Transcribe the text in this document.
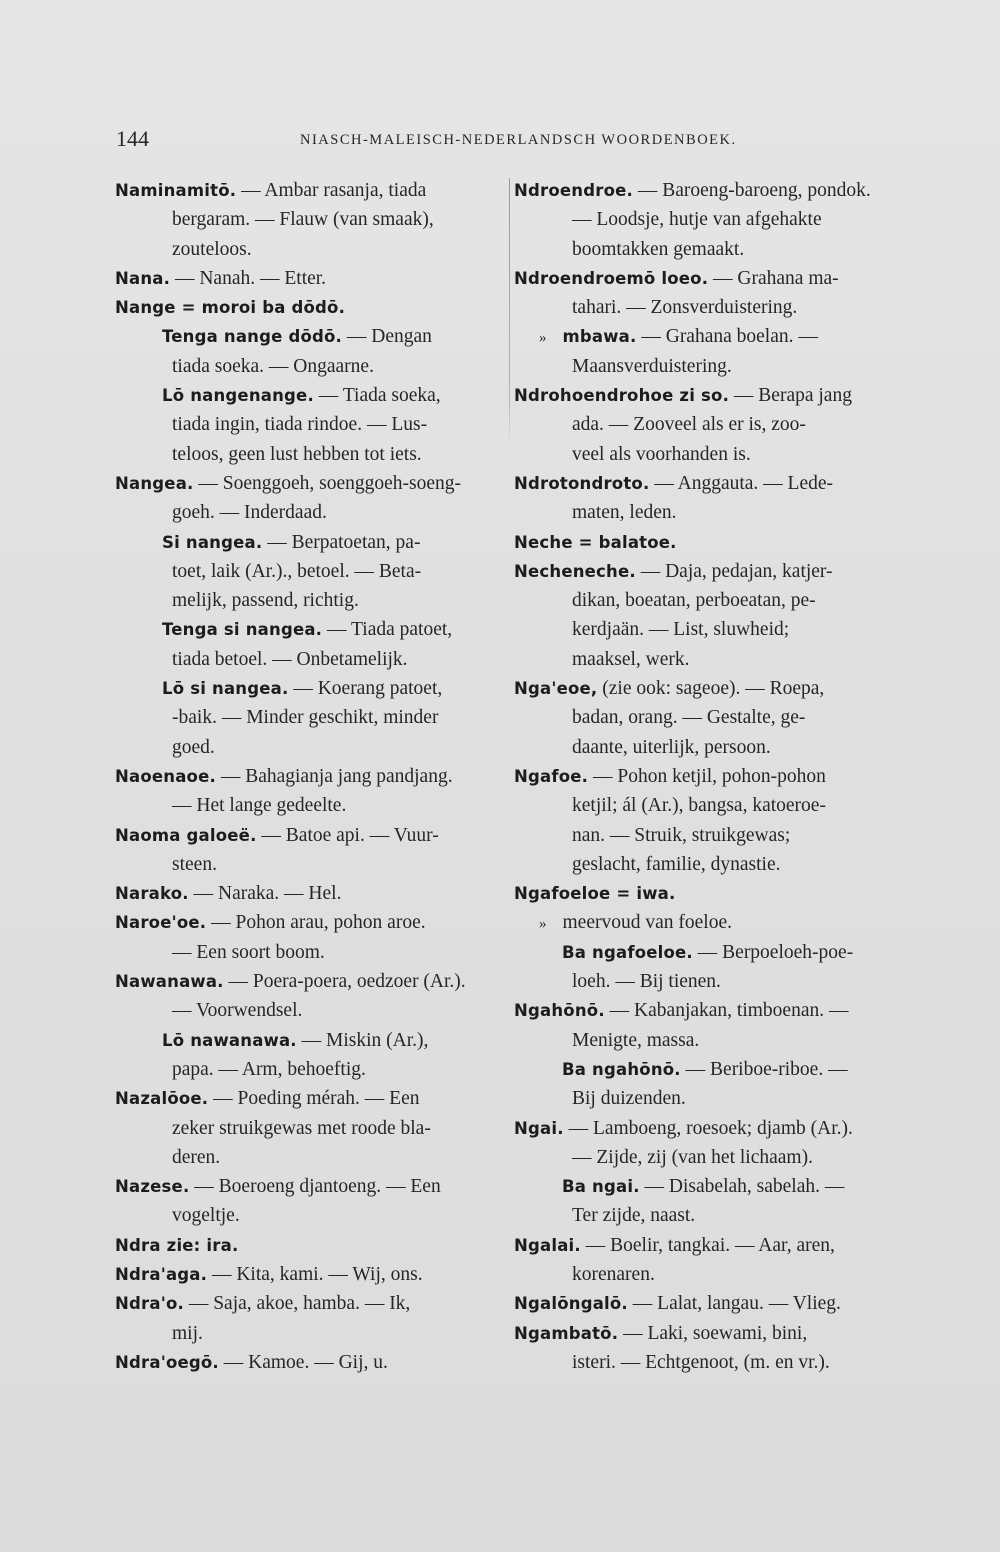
144	NIASCH-MALEISCH-NEDERLANDSCH WOORDENBOEK.
Naminamitō. — Ambar rasanja, tiada
bergaram. — Flauw (van smaak),
zouteloos.
Nana. — Nanah. — Etter.
Nange = moroi ba dōdō.
Tenga nange dōdō. — Dengan
tiada soeka. — Ongaarne.
Lō nangenange. — Tiada soeka,
tiada ingin, tiada rindoe. — Lus-
teloos, geen lust hebben tot iets.
Nangea. — Soenggoeh, soenggoeh-soeng-
goeh. — Inderdaad.
Si nangea. — Berpatoetan, pa-
toet, laik (Ar.)., betoel. — Beta-
melijk, passend, richtig.
Tenga si nangea. — Tiada patoet,
tiada betoel. — Onbetamelijk.
Lō si nangea. — Koerang patoet,
-baik. — Minder geschikt, minder
goed.
Naoenaoe. — Bahagianja jang pandjang.
— Het lange gedeelte.
Naoma galoeë. — Batoe api. — Vuur-
steen.
Narako. — Naraka. — Hel.
Naroe'oe. — Pohon arau, pohon aroe.
— Een soort boom.
Nawanawa. — Poera-poera, oedzoer (Ar.).
— Voorwendsel.
Lō nawanawa. — Miskin (Ar.),
papa. — Arm, behoeftig.
Nazalōoe. — Poeding mérah. — Een
zeker struikgewas met roode bla-
deren.
Nazese. — Boeroeng djantoeng. — Een
vogeltje.
Ndra zie: ira.
Ndra'aga. — Kita, kami. — Wij, ons.
Ndra'o. — Saja, akoe, hamba. — Ik,
mij.
Ndra'oegō. — Kamoe. — Gij, u.
Ndroendroe. — Baroeng-baroeng, pondok.
— Loodsje, hutje van afgehakte
boomtakken gemaakt.
Ndroendroemō loeo. — Grahana ma-
tahari. — Zonsverduistering.
» mbawa. — Grahana boelan. —
Maansverduistering.
Ndrohoendrohoe zi so. — Berapa jang
ada. — Zooveel als er is, zoo-
veel als voorhanden is.
Ndrotondroto. — Anggauta. — Lede-
maten, leden.
Neche = balatoe.
Necheneche. — Daja, pedajan, katjer-
dikan, boeatan, perboeatan, pe-
kerdjaän. — List, sluwheid;
maaksel, werk.
Nga'eoe, (zie ook: sageoe). — Roepa,
badan, orang. — Gestalte, ge-
daante, uiterlijk, persoon.
Ngafoe. — Pohon ketjil, pohon-pohon
ketjil; ál (Ar.), bangsa, katoeroe-
nan. — Struik, struikgewas;
geslacht, familie, dynastie.
Ngafoeloe = iwa.
» meervoud van foeloe.
Ba ngafoeloe. — Berpoeloeh-poe-
loeh. — Bij tienen.
Ngahōnō. — Kabanjakan, timboenan. —
Menigte, massa.
Ba ngahōnō. — Beriboe-riboe. —
Bij duizenden.
Ngai. — Lamboeng, roesoek; djamb (Ar.).
— Zijde, zij (van het lichaam).
Ba ngai. — Disabelah, sabelah. —
Ter zijde, naast.
Ngalai. — Boelir, tangkai. — Aar, aren,
korenaren.
Ngalōngalō. — Lalat, langau. — Vlieg.
Ngambatō. — Laki, soewami, bini,
isteri. — Echtgenoot, (m. en vr.).
